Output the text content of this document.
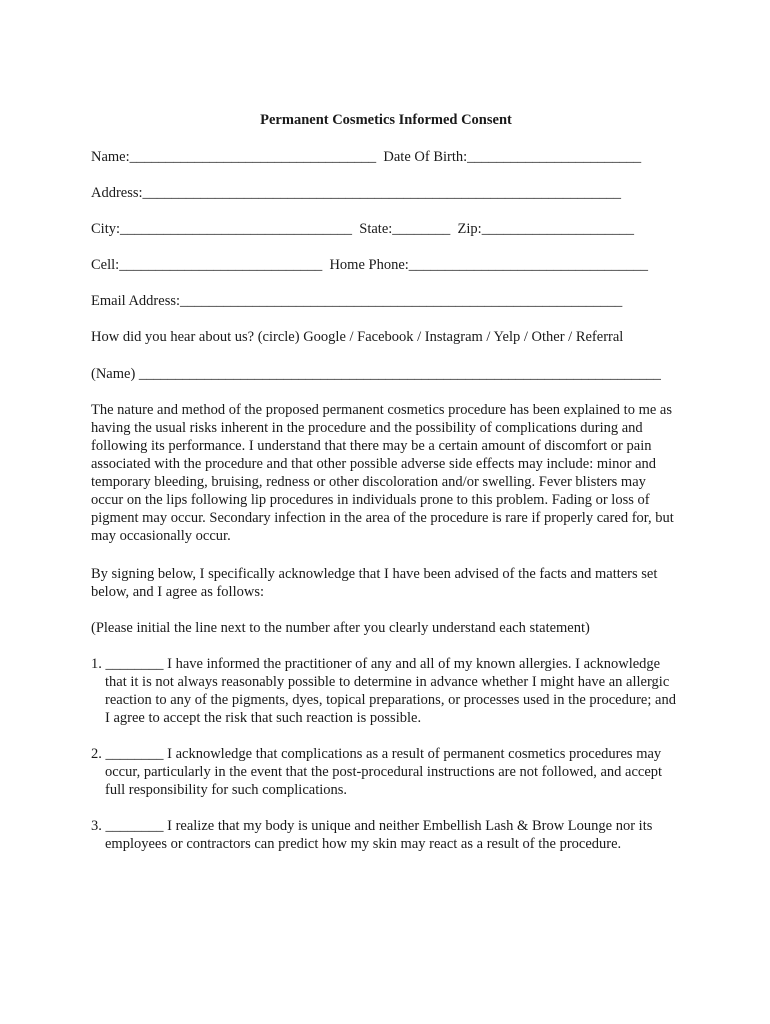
Permanent Cosmetics Informed Consent

Name:__________________________________  Date Of Birth:________________________

Address:__________________________________________________________________

City:________________________________  State:________  Zip:_____________________

Cell:____________________________  Home Phone:_________________________________

Email Address:_____________________________________________________________

How did you hear about us? (circle) Google / Facebook / Instagram / Yelp / Other / Referral

(Name) ________________________________________________________________________

The nature and method of the proposed permanent cosmetics procedure has been explained to me as having the usual risks inherent in the procedure and the possibility of complications during and following its performance. I understand that there may be a certain amount of discomfort or pain associated with the procedure and that other possible adverse side effects may include: minor and temporary bleeding, bruising, redness or other discoloration and/or swelling. Fever blisters may occur on the lips following lip procedures in individuals prone to this problem. Fading or loss of pigment may occur. Secondary infection in the area of the procedure is rare if properly cared for, but may occasionally occur.

By signing below, I specifically acknowledge that I have been advised of the facts and matters set below, and I agree as follows:

(Please initial the line next to the number after you clearly understand each statement)

1. ________ I have informed the practitioner of any and all of my known allergies. I acknowledge that it is not always reasonably possible to determine in advance whether I might have an allergic reaction to any of the pigments, dyes, topical preparations, or processes used in the procedure; and I agree to accept the risk that such reaction is possible.

2. ________ I acknowledge that complications as a result of permanent cosmetics procedures may occur, particularly in the event that the post-procedural instructions are not followed, and accept full responsibility for such complications.

3. ________ I realize that my body is unique and neither Embellish Lash & Brow Lounge nor its employees or contractors can predict how my skin may react as a result of the procedure.
